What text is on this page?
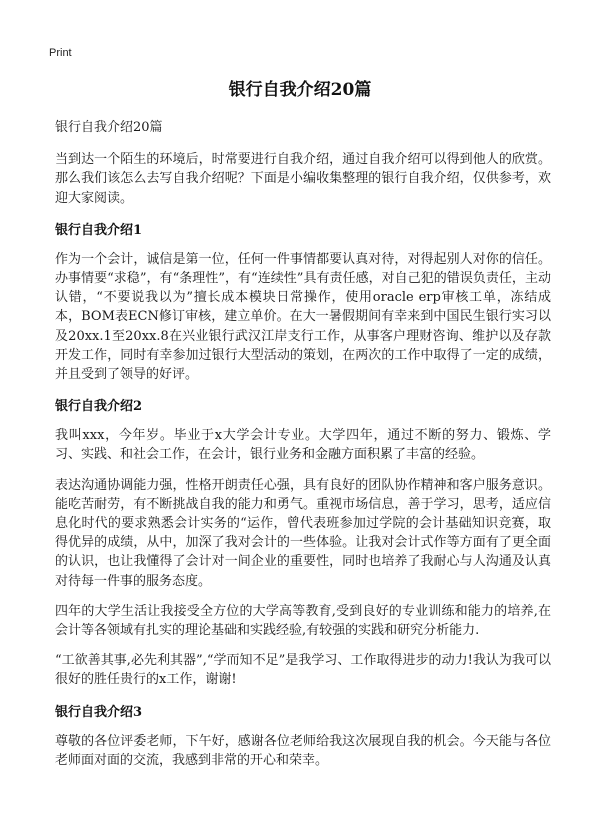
Print
银行自我介绍20篇

银行自我介绍20篇

当到达一个陌生的环境后，时常要进行自我介绍，通过自我介绍可以得到他人的欣赏。那么我们该怎么去写自我介绍呢？下面是小编收集整理的银行自我介绍，仅供参考，欢迎大家阅读。

银行自我介绍1

作为一个会计，诚信是第一位，任何一件事情都要认真对待，对得起别人对你的信任。办事情要“求稳”，有“条理性”，有“连续性”具有责任感，对自己犯的错误负责任，主动认错，“不要说我以为”擅长成本模块日常操作，使用oracle erp审核工单，冻结成本，BOM表ECN修订审核，建立单价。在大一暑假期间有幸来到中国民生银行实习以及20xx.1至20xx.8在兴业银行武汉江岸支行工作，从事客户理财咨询、维护以及存款开发工作，同时有幸参加过银行大型活动的策划，在两次的工作中取得了一定的成绩，并且受到了领导的好评。

银行自我介绍2

我叫xxx，今年岁。毕业于x大学会计专业。大学四年，通过不断的努力、锻炼、学习、实践、和社会工作，在会计，银行业务和金融方面积累了丰富的经验。

表达沟通协调能力强，性格开朗责任心强，具有良好的团队协作精神和客户服务意识。能吃苦耐劳，有不断挑战自我的能力和勇气。重视市场信息，善于学习，思考，适应信息化时代的要求熟悉会计实务的“运作，曾代表班参加过学院的会计基础知识竞赛，取得优异的成绩，从中，加深了我对会计的一些体验。让我对会计式作等方面有了更全面的认识，也让我懂得了会计对一间企业的重要性，同时也培养了我耐心与人沟通及认真对待每一件事的服务态度。

四年的大学生活让我接受全方位的大学高等教育,受到良好的专业训练和能力的培养,在会计等各领域有扎实的理论基础和实践经验,有较强的实践和研究分析能力.

“工欲善其事,必先利其器”,“学而知不足”是我学习、工作取得进步的动力!我认为我可以很好的胜任贵行的x工作，谢谢!

银行自我介绍3

尊敬的各位评委老师，下午好，感谢各位老师给我这次展现自我的机会。今天能与各位老师面对面的交流，我感到非常的开心和荣幸。
